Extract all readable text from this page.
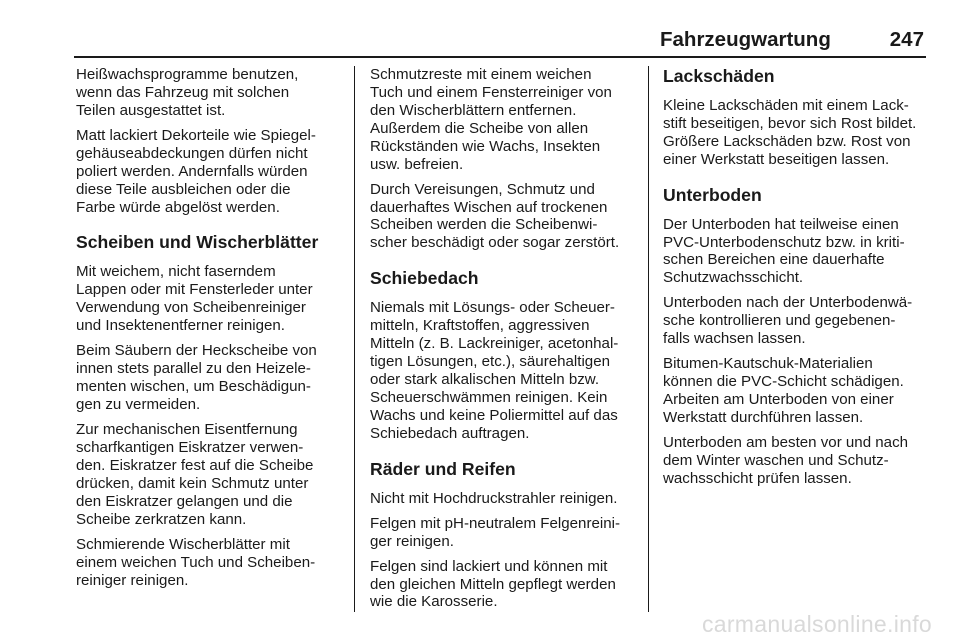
Fahrzeugwartung	247

Heißwachsprogramme benutzen,
wenn das Fahrzeug mit solchen
Teilen ausgestattet ist.

Matt lackiert Dekorteile wie Spiegel-
gehäuseabdeckungen dürfen nicht
poliert werden. Andernfalls würden
diese Teile ausbleichen oder die
Farbe würde abgelöst werden.

Scheiben und Wischerblätter

Mit weichem, nicht faserndem
Lappen oder mit Fensterleder unter
Verwendung von Scheibenreiniger
und Insektenentferner reinigen.

Beim Säubern der Heckscheibe von
innen stets parallel zu den Heizele-
menten wischen, um Beschädigun-
gen zu vermeiden.

Zur mechanischen Eisentfernung
scharfkantigen Eiskratzer verwen-
den. Eiskratzer fest auf die Scheibe
drücken, damit kein Schmutz unter
den Eiskratzer gelangen und die
Scheibe zerkratzen kann.

Schmierende Wischerblätter mit
einem weichen Tuch und Scheiben-
reiniger reinigen.

Schmutzreste mit einem weichen
Tuch und einem Fensterreiniger von
den Wischerblättern entfernen.
Außerdem die Scheibe von allen
Rückständen wie Wachs, Insekten
usw. befreien.

Durch Vereisungen, Schmutz und
dauerhaftes Wischen auf trockenen
Scheiben werden die Scheibenwi-
scher beschädigt oder sogar zerstört.

Schiebedach

Niemals mit Lösungs- oder Scheuer-
mitteln, Kraftstoffen, aggressiven
Mitteln (z. B. Lackreiniger, acetonhal-
tigen Lösungen, etc.), säurehaltigen
oder stark alkalischen Mitteln bzw.
Scheuerschwämmen reinigen. Kein
Wachs und keine Poliermittel auf das
Schiebedach auftragen.

Räder und Reifen

Nicht mit Hochdruckstrahler reinigen.

Felgen mit pH-neutralem Felgenreini-
ger reinigen.

Felgen sind lackiert und können mit
den gleichen Mitteln gepflegt werden
wie die Karosserie.

Lackschäden

Kleine Lackschäden mit einem Lack-
stift beseitigen, bevor sich Rost bildet.
Größere Lackschäden bzw. Rost von
einer Werkstatt beseitigen lassen.

Unterboden

Der Unterboden hat teilweise einen
PVC-Unterbodenschutz bzw. in kriti-
schen Bereichen eine dauerhafte
Schutzwachsschicht.

Unterboden nach der Unterbodenwä-
sche kontrollieren und gegebenen-
falls wachsen lassen.

Bitumen-Kautschuk-Materialien
können die PVC-Schicht schädigen.
Arbeiten am Unterboden von einer
Werkstatt durchführen lassen.

Unterboden am besten vor und nach
dem Winter waschen und Schutz-
wachsschicht prüfen lassen.

carmanualsonline.info
